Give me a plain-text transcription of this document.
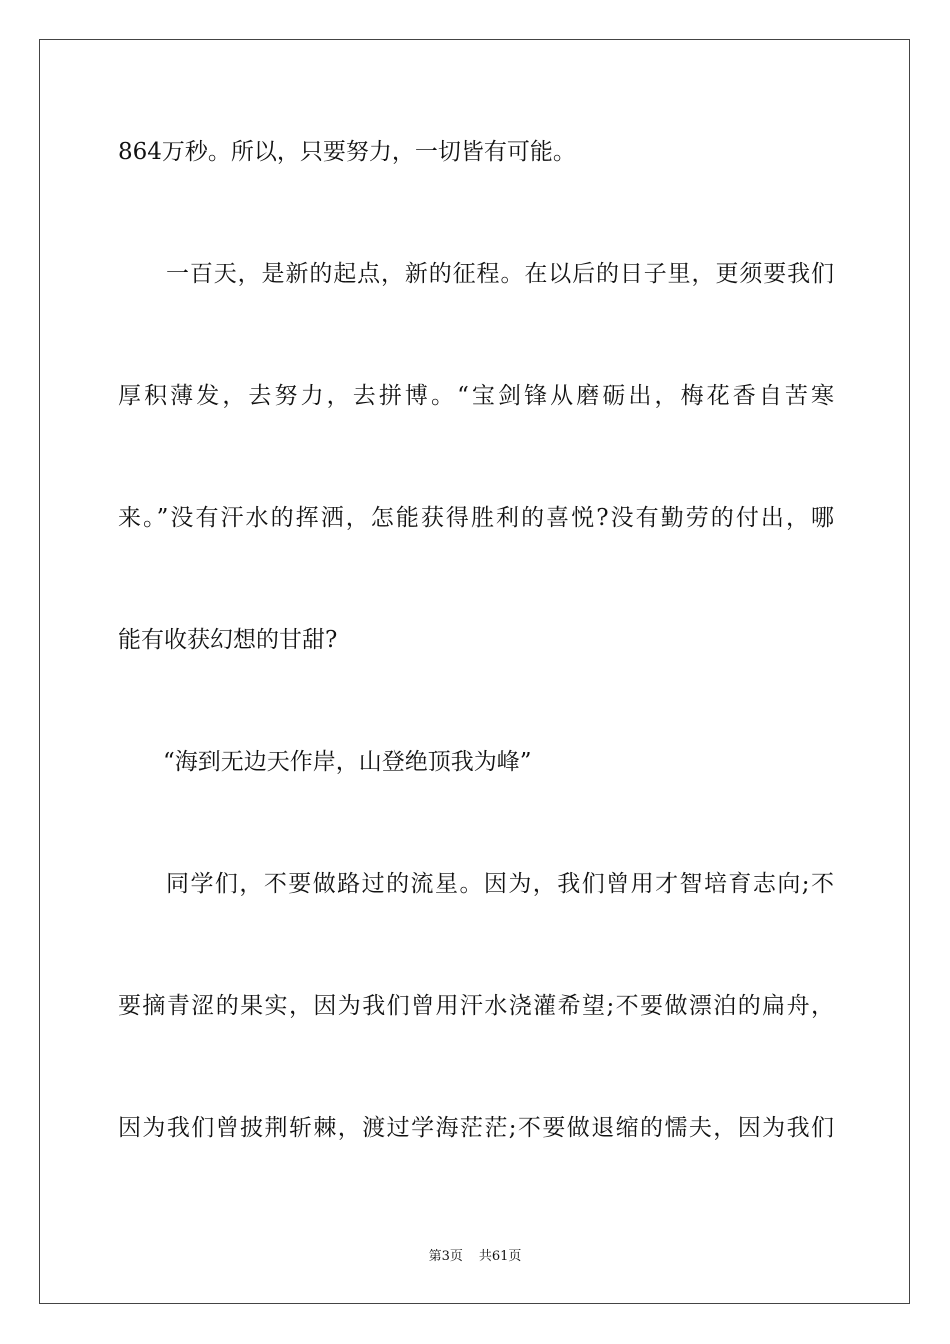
864万秒。所以，只要努力，一切皆有可能。
一百天，是新的起点，新的征程。在以后的日子里，更须要我们
厚积薄发，去努力，去拼博。“宝剑锋从磨砺出，梅花香自苦寒
来。”没有汗水的挥洒，怎能获得胜利的喜悦?没有勤劳的付出，哪
能有收获幻想的甘甜?
“海到无边天作岸，山登绝顶我为峰”
同学们，不要做路过的流星。因为，我们曾用才智培育志向;不
要摘青涩的果实，因为我们曾用汗水浇灌希望;不要做漂泊的扁舟，
因为我们曾披荆斩棘，渡过学海茫茫;不要做退缩的懦夫，因为我们
第3页 共61页
